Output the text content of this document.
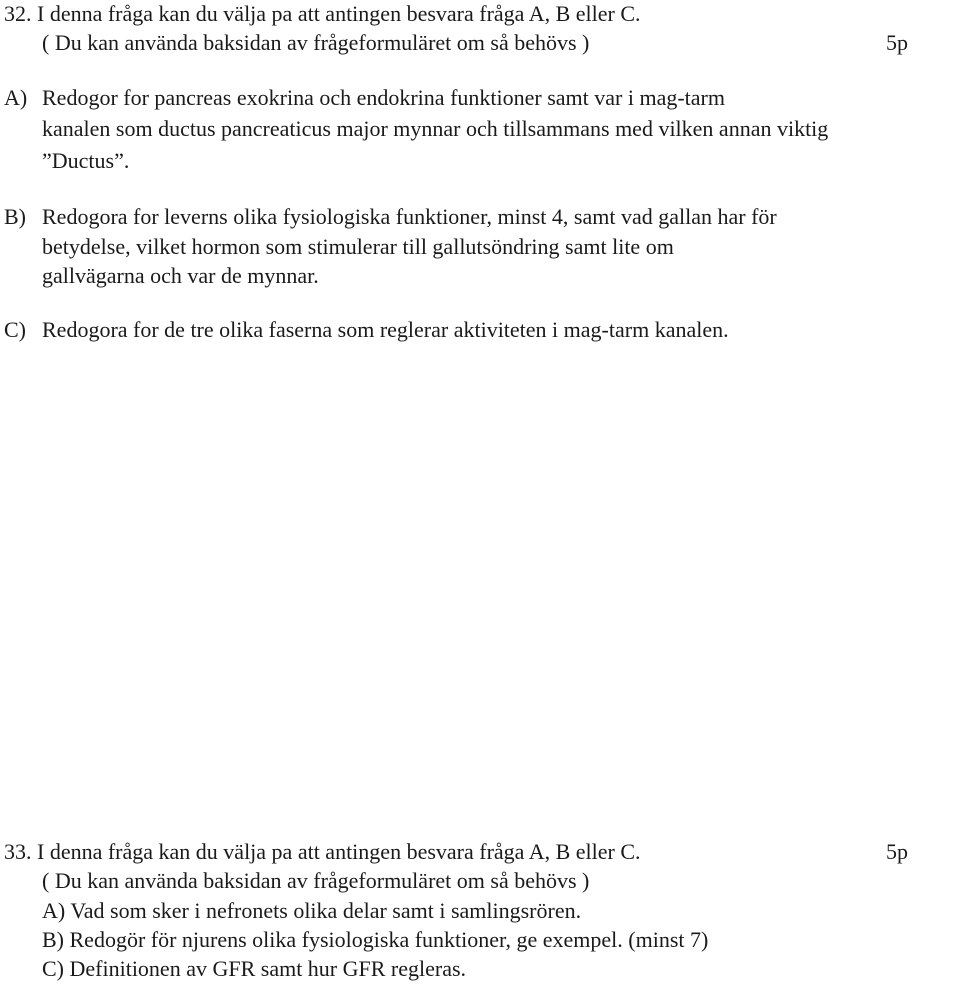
32. I denna fråga kan du välja pa att antingen besvara fråga A, B eller C.
( Du kan använda baksidan av frågeformuläret om så behövs )	5p
A) Redogor for pancreas exokrina och endokrina funktioner samt var i mag-tarm
kanalen som ductus pancreaticus major mynnar och tillsammans med vilken annan viktig
”Ductus”.
B) Redogora for leverns olika fysiologiska funktioner, minst 4, samt vad gallan har för
betydelse, vilket hormon som stimulerar till gallutsöndring samt lite om
gallvägarna och var de mynnar.
C) Redogora for de tre olika faserna som reglerar aktiviteten i mag-tarm kanalen.
33. I denna fråga kan du välja pa att antingen besvara fråga A, B eller C.	5p
( Du kan använda baksidan av frågeformuläret om så behövs )
A) Vad som sker i nefronets olika delar samt i samlingsrören.
B) Redogör för njurens olika fysiologiska funktioner, ge exempel. (minst 7)
C) Definitionen av GFR samt hur GFR regleras.
